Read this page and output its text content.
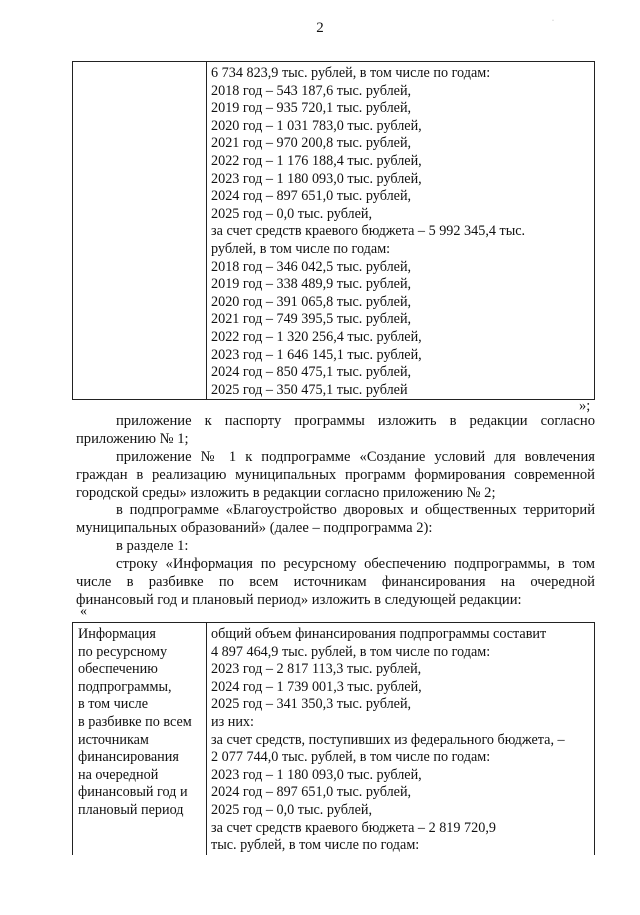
2	·

6 734 823,9 тыс. рублей, в том числе по годам:
2018 год – 543 187,6 тыс. рублей,
2019 год – 935 720,1 тыс. рублей,
2020 год – 1 031 783,0 тыс. рублей,
2021 год – 970 200,8 тыс. рублей,
2022 год – 1 176 188,4 тыс. рублей,
2023 год – 1 180 093,0 тыс. рублей,
2024 год – 897 651,0 тыс. рублей,
2025 год – 0,0 тыс. рублей,
за счет средств краевого бюджета – 5 992 345,4 тыс.
рублей, в том числе по годам:
2018 год – 346 042,5 тыс. рублей,
2019 год – 338 489,9 тыс. рублей,
2020 год – 391 065,8 тыс. рублей,
2021 год – 749 395,5 тыс. рублей,
2022 год – 1 320 256,4 тыс. рублей,
2023 год – 1 646 145,1 тыс. рублей,
2024 год – 850 475,1 тыс. рублей,
2025 год – 350 475,1 тыс. рублей
»;
приложение к паспорту программы изложить в редакции согласно
приложению № 1;
приложение № 1 к подпрограмме «Создание условий для вовлечения
граждан в реализацию муниципальных программ формирования современной
городской среды» изложить в редакции согласно приложению № 2;
в подпрограмме «Благоустройство дворовых и общественных территорий
муниципальных образований» (далее – подпрограмма 2):
в разделе 1:
строку «Информация по ресурсному обеспечению подпрограммы, в том
числе в разбивке по всем источникам финансирования на очередной
финансовый год и плановый период» изложить в следующей редакции:
«
Информация
по ресурсному
обеспечению
подпрограммы,
в том числе
в разбивке по всем
источникам
финансирования
на очередной
финансовый год и
плановый период

общий объем финансирования подпрограммы составит
4 897 464,9 тыс. рублей, в том числе по годам:
2023 год – 2 817 113,3 тыс. рублей,
2024 год – 1 739 001,3 тыс. рублей,
2025 год – 341 350,3 тыс. рублей,
из них:
за счет средств, поступивших из федерального бюджета, –
2 077 744,0 тыс. рублей, в том числе по годам:
2023 год – 1 180 093,0 тыс. рублей,
2024 год – 897 651,0 тыс. рублей,
2025 год – 0,0 тыс. рублей,
за счет средств краевого бюджета – 2 819 720,9
тыс. рублей, в том числе по годам:
